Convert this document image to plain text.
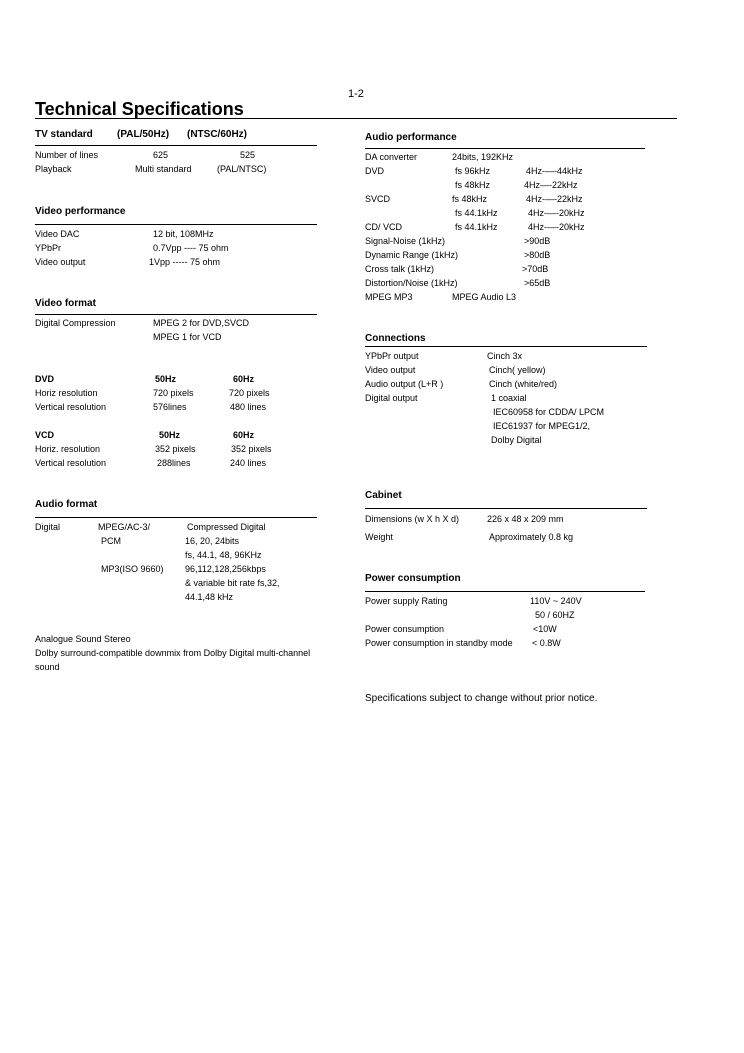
1-2
Technical Specifications
TV standard (PAL/50Hz) (NTSC/60Hz)
Number of lines	625	525
Playback	Multi standard	(PAL/NTSC)
Video performance
Video DAC	12 bit, 108MHz
YPbPr	0.7Vpp ---- 75 ohm
Video output	1Vpp ----- 75 ohm
Video format
Digital Compression	MPEG 2 for DVD,SVCD
MPEG 1 for VCD
DVD	50Hz	60Hz
Horiz resolution	720 pixels	720 pixels
Vertical resolution	576lines	480 lines
VCD	50Hz	60Hz
Horiz. resolution	352 pixels	352 pixels
Vertical resolution	288lines	240 lines
Audio format
Digital	MPEG/AC-3/	Compressed Digital
PCM	16, 20, 24bits
fs, 44.1, 48, 96KHz
MP3(ISO 9660) 96,112,128,256kbps
& variable bit rate fs,32,
44.1,48 kHz
Analogue Sound Stereo
Dolby surround-compatible downmix from Dolby Digital multi-channel
sound
Audio performance
DA converter	24bits, 192KHz
DVD	fs 96kHz	4Hz-—-44kHz
fs 48kHz	4Hz—-22kHz
SVCD	fs 48kHz	4Hz-—-22kHz
fs 44.1kHz	4Hz-—-20kHz
CD/ VCD	fs 44.1kHz	4Hz-—-20kHz
Signal-Noise (1kHz)	>90dB
Dynamic Range (1kHz)	>80dB
Cross talk (1kHz)	>70dB
Distortion/Noise (1kHz)	>65dB
MPEG MP3	MPEG Audio L3
Connections
YPbPr output	Cinch 3x
Video output	Cinch( yellow)
Audio output (L+R )	Cinch (white/red)
Digital output	1 coaxial
IEC60958 for CDDA/ LPCM
IEC61937 for MPEG1/2,
Dolby Digital
Cabinet
Dimensions (w X h X d)	226 x 48 x 209 mm
Weight	Approximately 0.8 kg
Power consumption
Power supply Rating	110V ~ 240V
50 / 60HZ
Power consumption	<10W
Power consumption in standby mode < 0.8W
Specifications subject to change without prior notice.
